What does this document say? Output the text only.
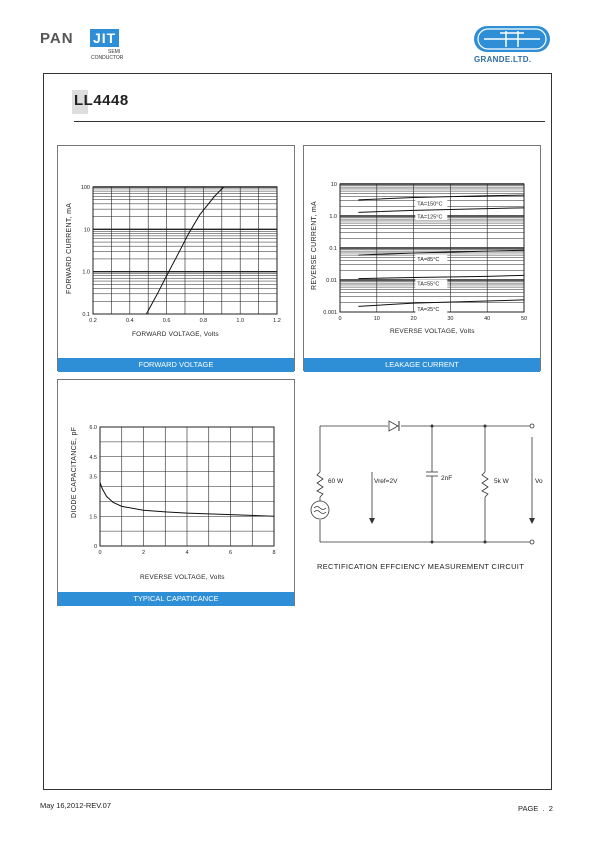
PAN JIT
SEMI
CONDUCTOR	GRANDE.LTD.
LL4448
0.2	0.4	0.6	0.8	1.0	1.2
100
10
1.0
0.1
FORWARD CURRENT, mA
FORWARD VOLTAGE, Volts
FORWARD VOLTAGE
0	10	20	30	40	50
10
1.0
0.1
0.01
0.001
TA=150°C
TA=125°C
TA=85°C
TA=55°C
TA=25°C
REVERSE CURRENT, mA
REVERSE VOLTAGE, Volts
LEAKAGE CURRENT
0	2	4	6	8
6.0
4.5
3.5
1.5
0
DIODE CAPACITANCE, pF
REVERSE VOLTAGE, Volts
TYPICAL CAPATICANCE
60 W	Vref=2V	2nF	5k W	Vo
RECTIFICATION EFFCIENCY MEASUREMENT CIRCUIT
May 16,2012-REV.07	PAGE  .  2
